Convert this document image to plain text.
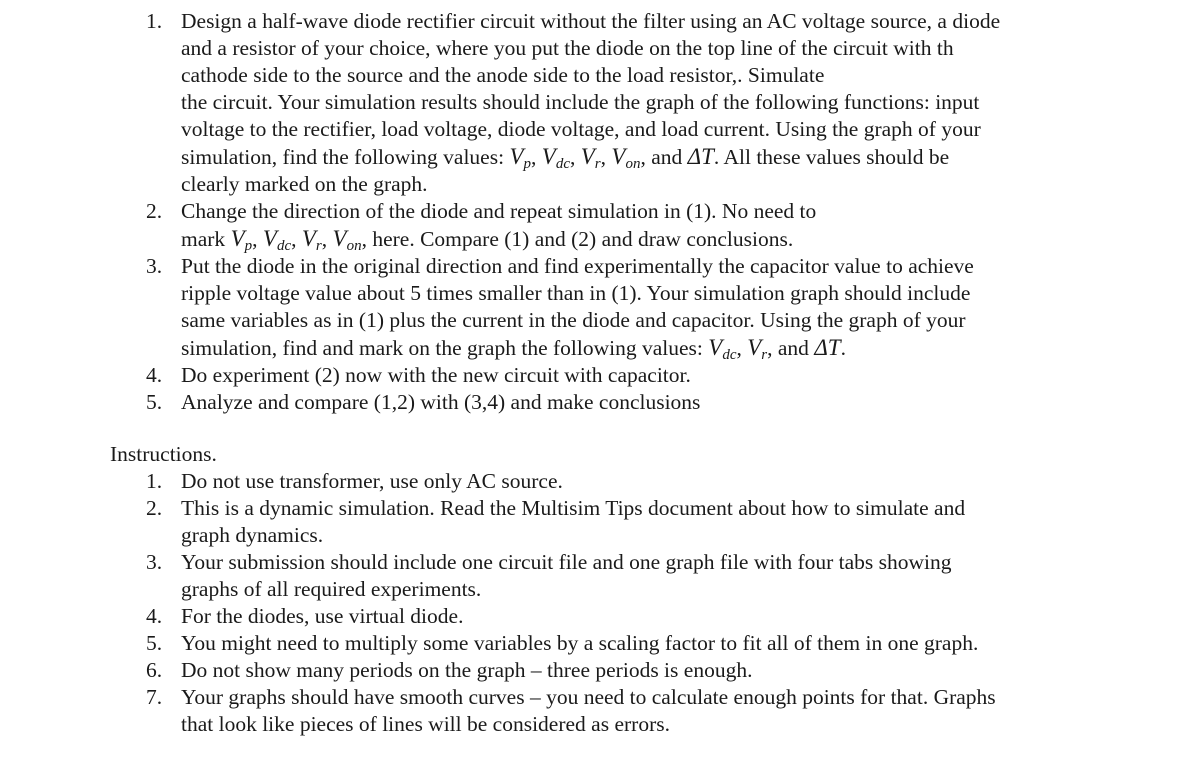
1. Design a half-wave diode rectifier circuit without the filter using an AC voltage source, a diode
and a resistor of your choice, where you put the diode on the top line of the circuit with th
cathode side to the source and the anode side to the load resistor,. Simulate
the circuit. Your simulation results should include the graph of the following functions: input
voltage to the rectifier, load voltage, diode voltage, and load current. Using the graph of your
simulation, find the following values: $V_p$, $V_{dc}$, $V_r$, $V_{on}$, and ΔT. All these values should be
clearly marked on the graph.
2. Change the direction of the diode and repeat simulation in (1). No need to
mark $V_p$, $V_{dc}$, $V_r$, $V_{on}$, here. Compare (1) and (2) and draw conclusions.
3. Put the diode in the original direction and find experimentally the capacitor value to achieve
ripple voltage value about 5 times smaller than in (1). Your simulation graph should include
same variables as in (1) plus the current in the diode and capacitor. Using the graph of your
simulation, find and mark on the graph the following values: $V_{dc}$, $V_r$, and ΔT.
4. Do experiment (2) now with the new circuit with capacitor.
5. Analyze and compare (1,2) with (3,4) and make conclusions
Instructions.
1. Do not use transformer, use only AC source.
2. This is a dynamic simulation. Read the Multisim Tips document about how to simulate and
graph dynamics.
3. Your submission should include one circuit file and one graph file with four tabs showing
graphs of all required experiments.
4. For the diodes, use virtual diode.
5. You might need to multiply some variables by a scaling factor to fit all of them in one graph.
6. Do not show many periods on the graph – three periods is enough.
7. Your graphs should have smooth curves – you need to calculate enough points for that. Graphs
that look like pieces of lines will be considered as errors.
